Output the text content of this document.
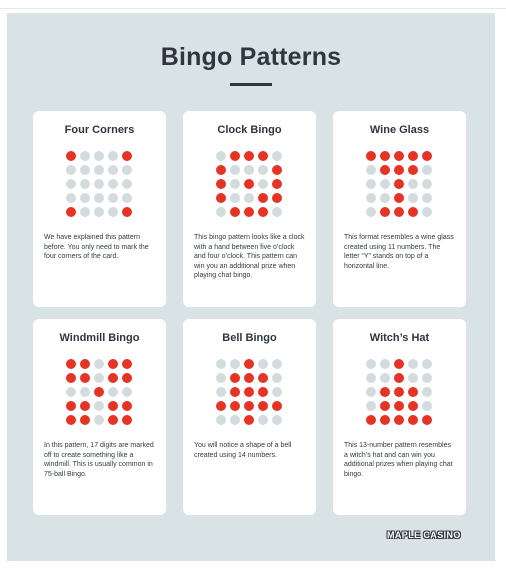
Bingo Patterns
Four Corners
We have explained this pattern before. You only need to mark the four corners of the card.
Clock Bingo
This bingo pattern looks like a clock with a hand between five o’clock and four o’clock. This pattern can win you an additional prize when playing chat bingo.
Wine Glass
This format resembles a wine glass created using 11 numbers. The letter “Y” stands on top of a horizontal line.
Windmill Bingo
In this pattern, 17 digits are marked off to create something like a windmill. This is usually common in 75-ball Bingo.
Bell Bingo
You will notice a shape of a bell created using 14 numbers.
Witch’s Hat
This 13-number pattern resembles a witch’s hat and can win you additional prizes when playing chat bingo.
MAPLE CASINO
